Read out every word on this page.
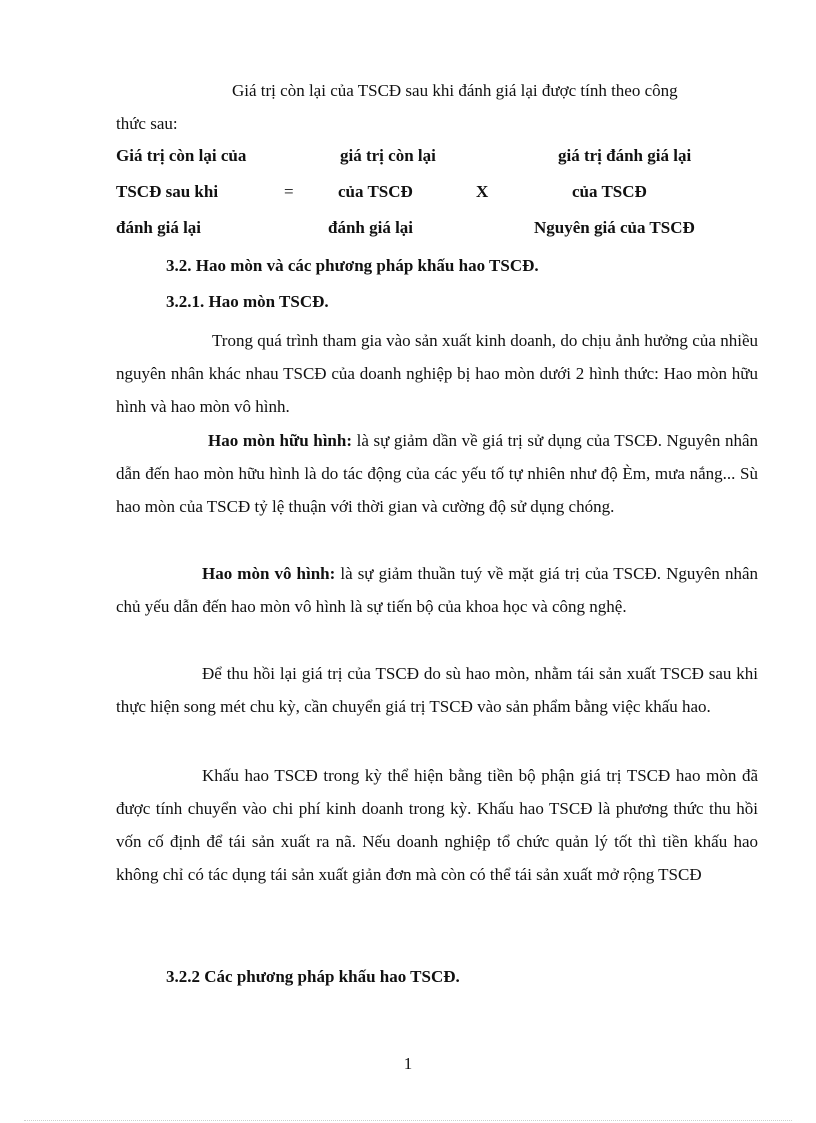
Giá trị còn lại của TSCĐ sau khi đánh giá lại được tính theo công
thức sau:
Giá trị còn lại của
TSCĐ sau khi
đánh giá lại
=
giá trị còn lại
của TSCĐ
đánh giá lại
X
giá trị đánh giá lại
của TSCĐ
Nguyên giá của TSCĐ
3.2. Hao mòn và các phương pháp khấu hao TSCĐ.
3.2.1. Hao mòn TSCĐ.
Trong quá trình tham gia vào sản xuất kinh doanh, do chịu ảnh hưởng của nhiều nguyên nhân khác nhau TSCĐ của doanh nghiệp bị hao mòn dưới 2 hình thức: Hao mòn hữu hình và hao mòn vô hình.
Hao mòn hữu hình: là sự giảm dần về giá trị sử dụng của TSCĐ. Nguyên nhân dẫn đến hao mòn hữu hình là do tác động của các yếu tố tự nhiên như độ Èm, mưa nắng... Sù hao mòn của TSCĐ tỷ lệ thuận với thời gian và cường độ sử dụng chóng.
Hao mòn vô hình: là sự giảm thuần tuý về mặt giá trị của TSCĐ. Nguyên nhân chủ yếu dẫn đến hao mòn vô hình là sự tiến bộ của khoa học và công nghệ.
Để thu hồi lại giá trị của TSCĐ do sù hao mòn, nhằm tái sản xuất TSCĐ sau khi thực hiện song mét chu kỳ, cần chuyển giá trị TSCĐ vào sản phẩm bằng việc khấu hao.
Khấu hao TSCĐ trong kỳ thể hiện bằng tiền bộ phận giá trị TSCĐ hao mòn đã được tính chuyển vào chi phí kinh doanh trong kỳ. Khấu hao TSCĐ là phương thức thu hồi vốn cố định để tái sản xuất ra nã. Nếu doanh nghiệp tổ chức quản lý tốt thì tiền khấu hao không chỉ có tác dụng tái sản xuất giản đơn mà còn có thể tái sản xuất mở rộng TSCĐ
3.2.2 Các phương pháp khấu hao TSCĐ.
1
